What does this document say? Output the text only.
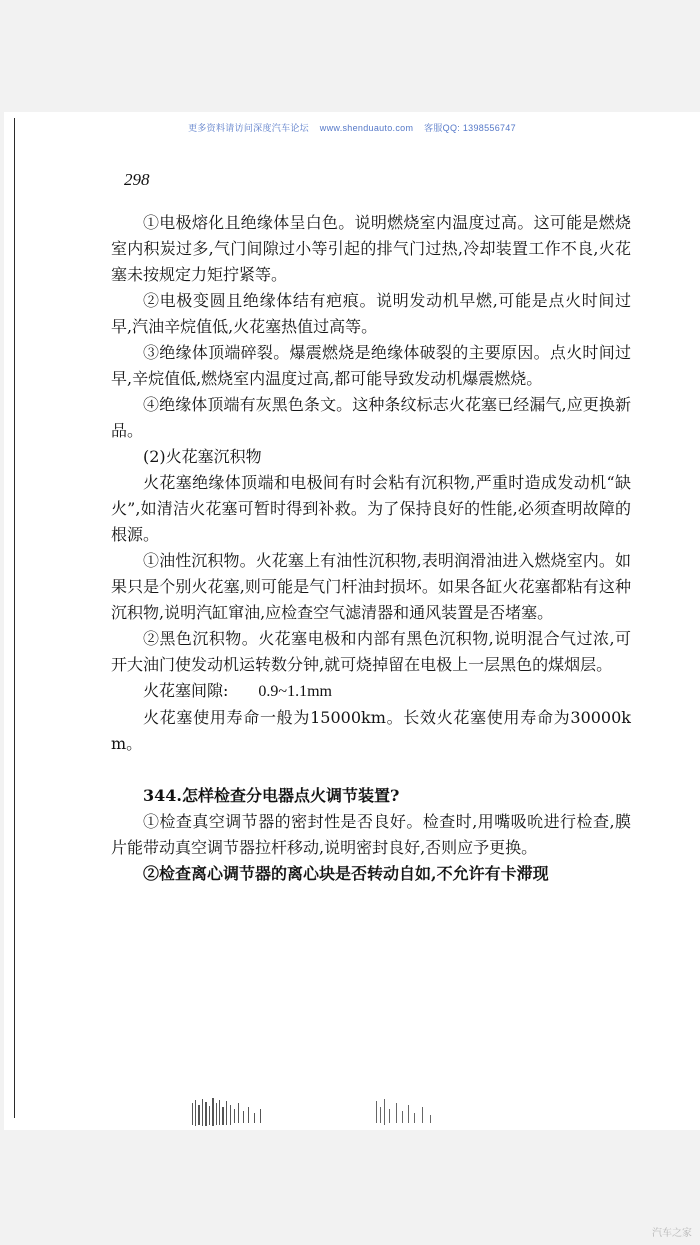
更多资料请访问深度汽车论坛 www.shenduauto.com 客服QQ: 1398556747
298

①电极熔化且绝缘体呈白色。说明燃烧室内温度过高。这可能是燃烧室内积炭过多,气门间隙过小等引起的排气门过热,冷却装置工作不良,火花塞未按规定力矩拧紧等。

②电极变圆且绝缘体结有疤痕。说明发动机早燃,可能是点火时间过早,汽油辛烷值低,火花塞热值过高等。

③绝缘体顶端碎裂。爆震燃烧是绝缘体破裂的主要原因。点火时间过早,辛烷值低,燃烧室内温度过高,都可能导致发动机爆震燃烧。

④绝缘体顶端有灰黑色条文。这种条纹标志火花塞已经漏气,应更换新品。

(2)火花塞沉积物

火花塞绝缘体顶端和电极间有时会粘有沉积物,严重时造成发动机“缺火”,如清洁火花塞可暂时得到补救。为了保持良好的性能,必须查明故障的根源。

①油性沉积物。火花塞上有油性沉积物,表明润滑油进入燃烧室内。如果只是个别火花塞,则可能是气门杆油封损坏。如果各缸火花塞都粘有这种沉积物,说明汽缸窜油,应检查空气滤清器和通风装置是否堵塞。

②黑色沉积物。火花塞电极和内部有黑色沉积物,说明混合气过浓,可开大油门使发动机运转数分钟,就可烧掉留在电极上一层黑色的煤烟层。

火花塞间隙: 0.9~1.1mm

火花塞使用寿命一般为15000km。长效火花塞使用寿命为30000km。

344.怎样检查分电器点火调节装置?

①检查真空调节器的密封性是否良好。检查时,用嘴吸吮进行检查,膜片能带动真空调节器拉杆移动,说明密封良好,否则应予更换。

②检查离心调节器的离心块是否转动自如,不允许有卡滞现

汽车之家
